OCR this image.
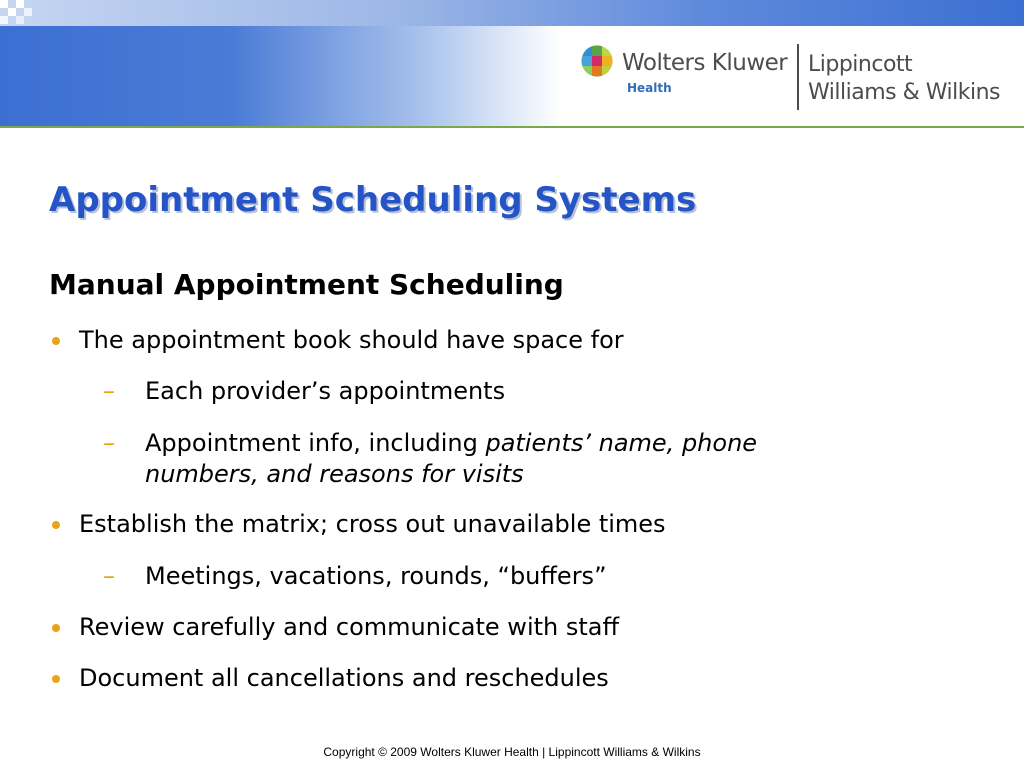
Wolters Kluwer
Health
Lippincott
Williams & Wilkins
Appointment Scheduling Systems
Manual Appointment Scheduling
The appointment book should have space for
– Each provider’s appointments
– Appointment info, including patients’ name, phone
numbers, and reasons for visits
Establish the matrix; cross out unavailable times
– Meetings, vacations, rounds, “buffers”
Review carefully and communicate with staff
Document all cancellations and reschedules
Copyright © 2009 Wolters Kluwer Health | Lippincott Williams & Wilkins
